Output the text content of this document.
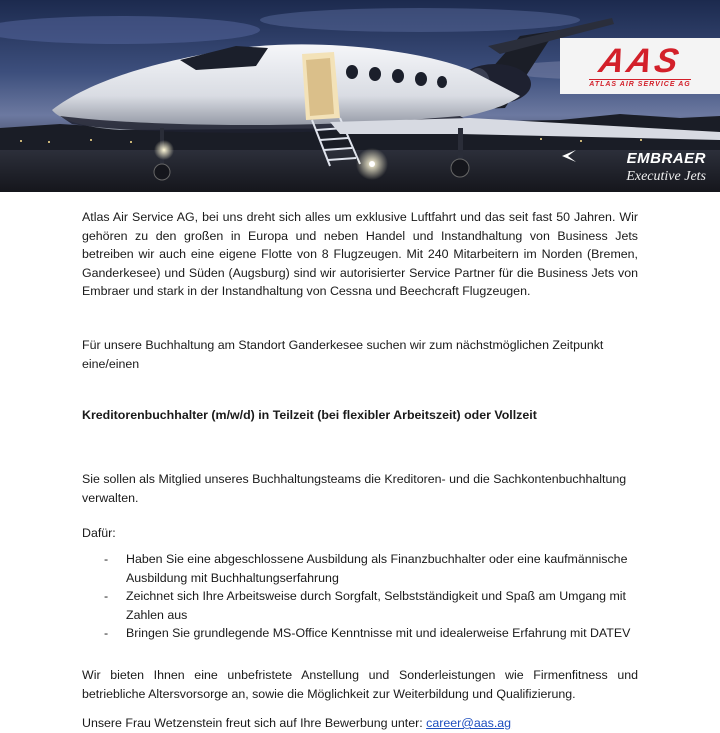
AAS
ATLAS AIR SERVICE AG
EMBRAER
Executive Jets

Atlas Air Service AG, bei uns dreht sich alles um exklusive Luftfahrt und das seit fast 50 Jahren. Wir gehören zu den großen in Europa und neben Handel und Instandhaltung von Business Jets betreiben wir auch eine eigene Flotte von 8 Flugzeugen. Mit 240 Mitarbeitern im Norden (Bremen, Ganderkesee) und Süden (Augsburg) sind wir autorisierter Service Partner für die Business Jets von Embraer und stark in der Instandhaltung von Cessna und Beechcraft Flugzeugen.

Für unsere Buchhaltung am Standort Ganderkesee suchen wir zum nächstmöglichen Zeitpunkt eine/einen

Kreditorenbuchhalter (m/w/d) in Teilzeit (bei flexibler Arbeitszeit) oder Vollzeit

Sie sollen als Mitglied unseres Buchhaltungsteams die Kreditoren- und die Sachkontenbuchhaltung verwalten.

Dafür:

- Haben Sie eine abgeschlossene Ausbildung als Finanzbuchhalter oder eine kaufmännische Ausbildung mit Buchhaltungserfahrung
- Zeichnet sich Ihre Arbeitsweise durch Sorgfalt, Selbstständigkeit und Spaß am Umgang mit Zahlen aus
- Bringen Sie grundlegende MS-Office Kenntnisse mit und idealerweise Erfahrung mit DATEV

Wir bieten Ihnen eine unbefristete Anstellung und Sonderleistungen wie Firmenfitness und betriebliche Altersvorsorge an, sowie die Möglichkeit zur Weiterbildung und Qualifizierung.

Unsere Frau Wetzenstein freut sich auf Ihre Bewerbung unter: career@aas.ag
